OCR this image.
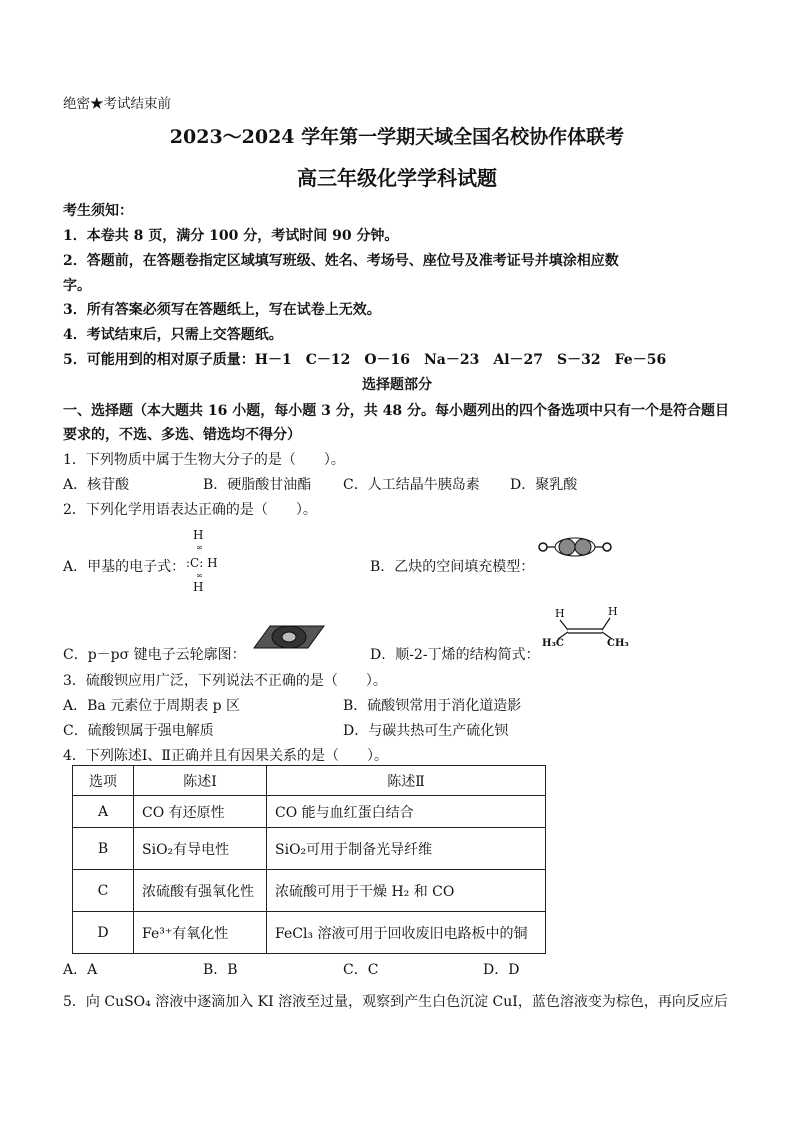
绝密★考试结束前
2023～2024 学年第一学期天域全国名校协作体联考
高三年级化学学科试题
考生须知：
1．本卷共 8 页，满分 100 分，考试时间 90 分钟。
2．答题前，在答题卷指定区域填写班级、姓名、考场号、座位号及准考证号并填涂相应数
字。
3．所有答案必须写在答题纸上，写在试卷上无效。
4．考试结束后，只需上交答题纸。
5．可能用到的相对原子质量：H－1　C－12　O－16　Na－23　Al－27　S－32　Fe－56
选择题部分
一、选择题（本大题共 16 小题，每小题 3 分，共 48 分。每小题列出的四个备选项中只有一个是符合题目要求的，不选、多选、错选均不得分）
1．下列物质中属于生物大分子的是（　　）。
A．核苷酸	B．硬脂酸甘油酯 C．人工结晶牛胰岛素 D．聚乳酸
2．下列化学用语表达正确的是（　　）。
A．甲基的电子式：
H
:C: H
H
∞
∞
B．乙炔的空间填充模型：
C．p－pσ 键电子云轮廓图：	D．顺-2-丁烯的结构简式：
H	H
H₃C	CH₃
3．硫酸钡应用广泛，下列说法不正确的是（　　）。
A．Ba 元素位于周期表 p 区	B．硫酸钡常用于消化道造影
C．硫酸钡属于强电解质	D．与碳共热可生产硫化钡
4．下列陈述Ⅰ、Ⅱ正确并且有因果关系的是（　　）。
选项	陈述Ⅰ	陈述Ⅱ
A	CO 有还原性	CO 能与血红蛋白结合
B	SiO₂有导电性	SiO₂可用于制备光导纤维
C	浓硫酸有强氧化性	浓硫酸可用于干燥 H₂ 和 CO
D	Fe³⁺有氧化性	FeCl₃ 溶液可用于回收废旧电路板中的铜
A．A	B．B	C．C	D．D
5．向 CuSO₄ 溶液中逐滴加入 KI 溶液至过量，观察到产生白色沉淀 CuI，蓝色溶液变为棕色，再向反应后
